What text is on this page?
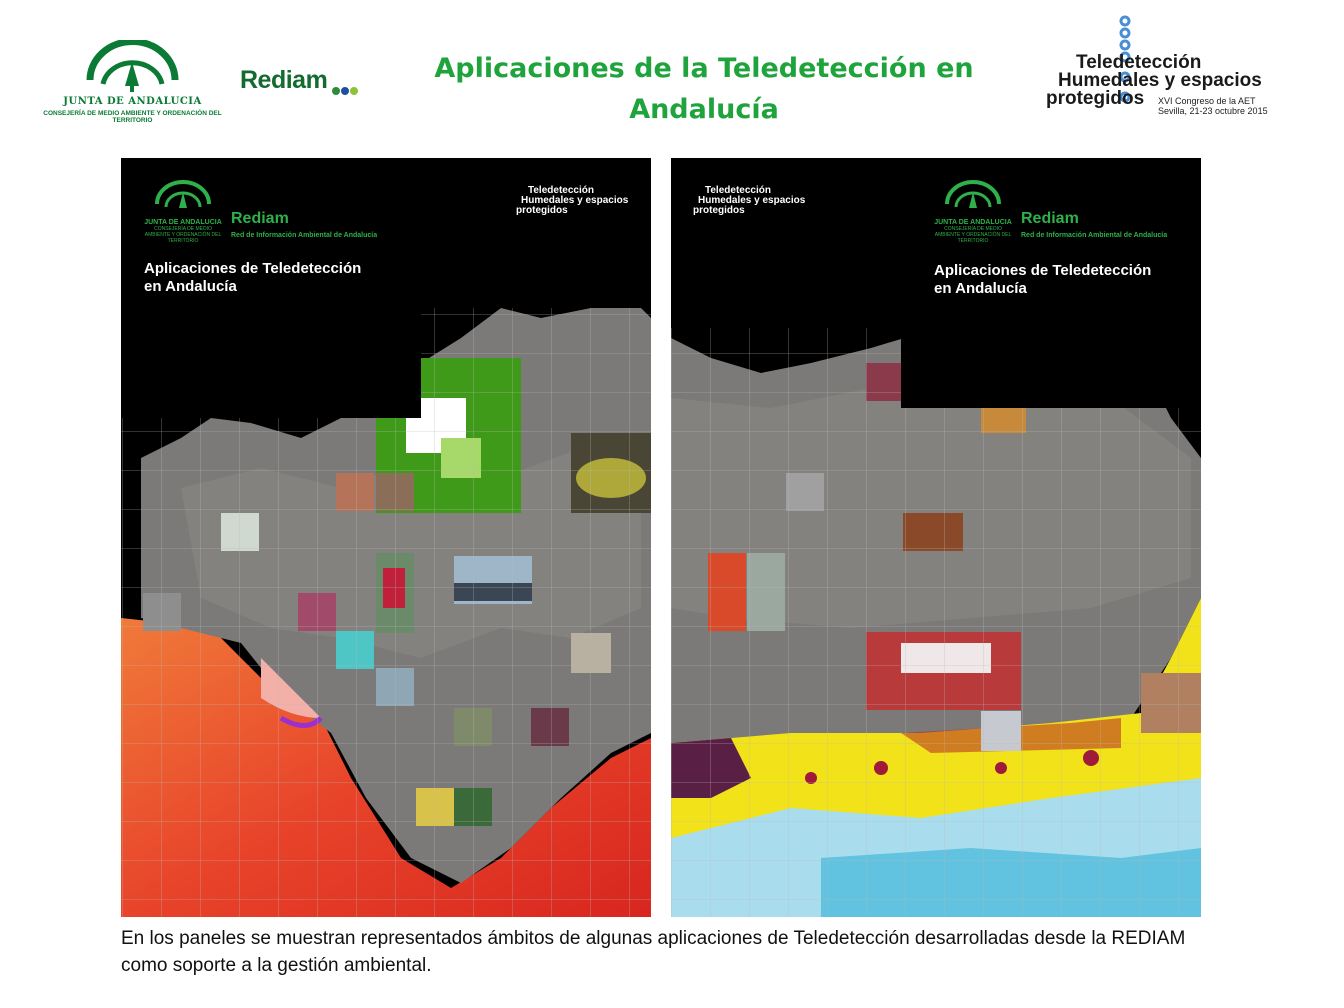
JUNTA DE ANDALUCIA
CONSEJERÍA DE MEDIO AMBIENTE Y ORDENACIÓN DEL TERRITORIO
Rediam	Aplicaciones de la Teledetección en Andalucía
Teledetección
Humedales y espacios
protegidos XVI Congreso de la AET
Sevilla, 21-23 octubre 2015
JUNTA DE ANDALUCIA
CONSEJERÍA DE MEDIO AMBIENTE Y ORDENACIÓN DEL TERRITORIO
Rediam
Red de Información Ambiental de Andalucía
Teledetección
Humedales y espacios
protegidos
Aplicaciones de Teledetección
en Andalucía
Teledetección
Humedales y espacios
protegidos
JUNTA DE ANDALUCIA
CONSEJERÍA DE MEDIO AMBIENTE Y ORDENACIÓN DEL TERRITORIO
Rediam
Red de Información Ambiental de Andalucía
Aplicaciones de Teledetección
en Andalucía
En los paneles se muestran representados ámbitos de algunas aplicaciones de Teledetección desarrolladas desde la REDIAM como soporte a la gestión ambiental.
